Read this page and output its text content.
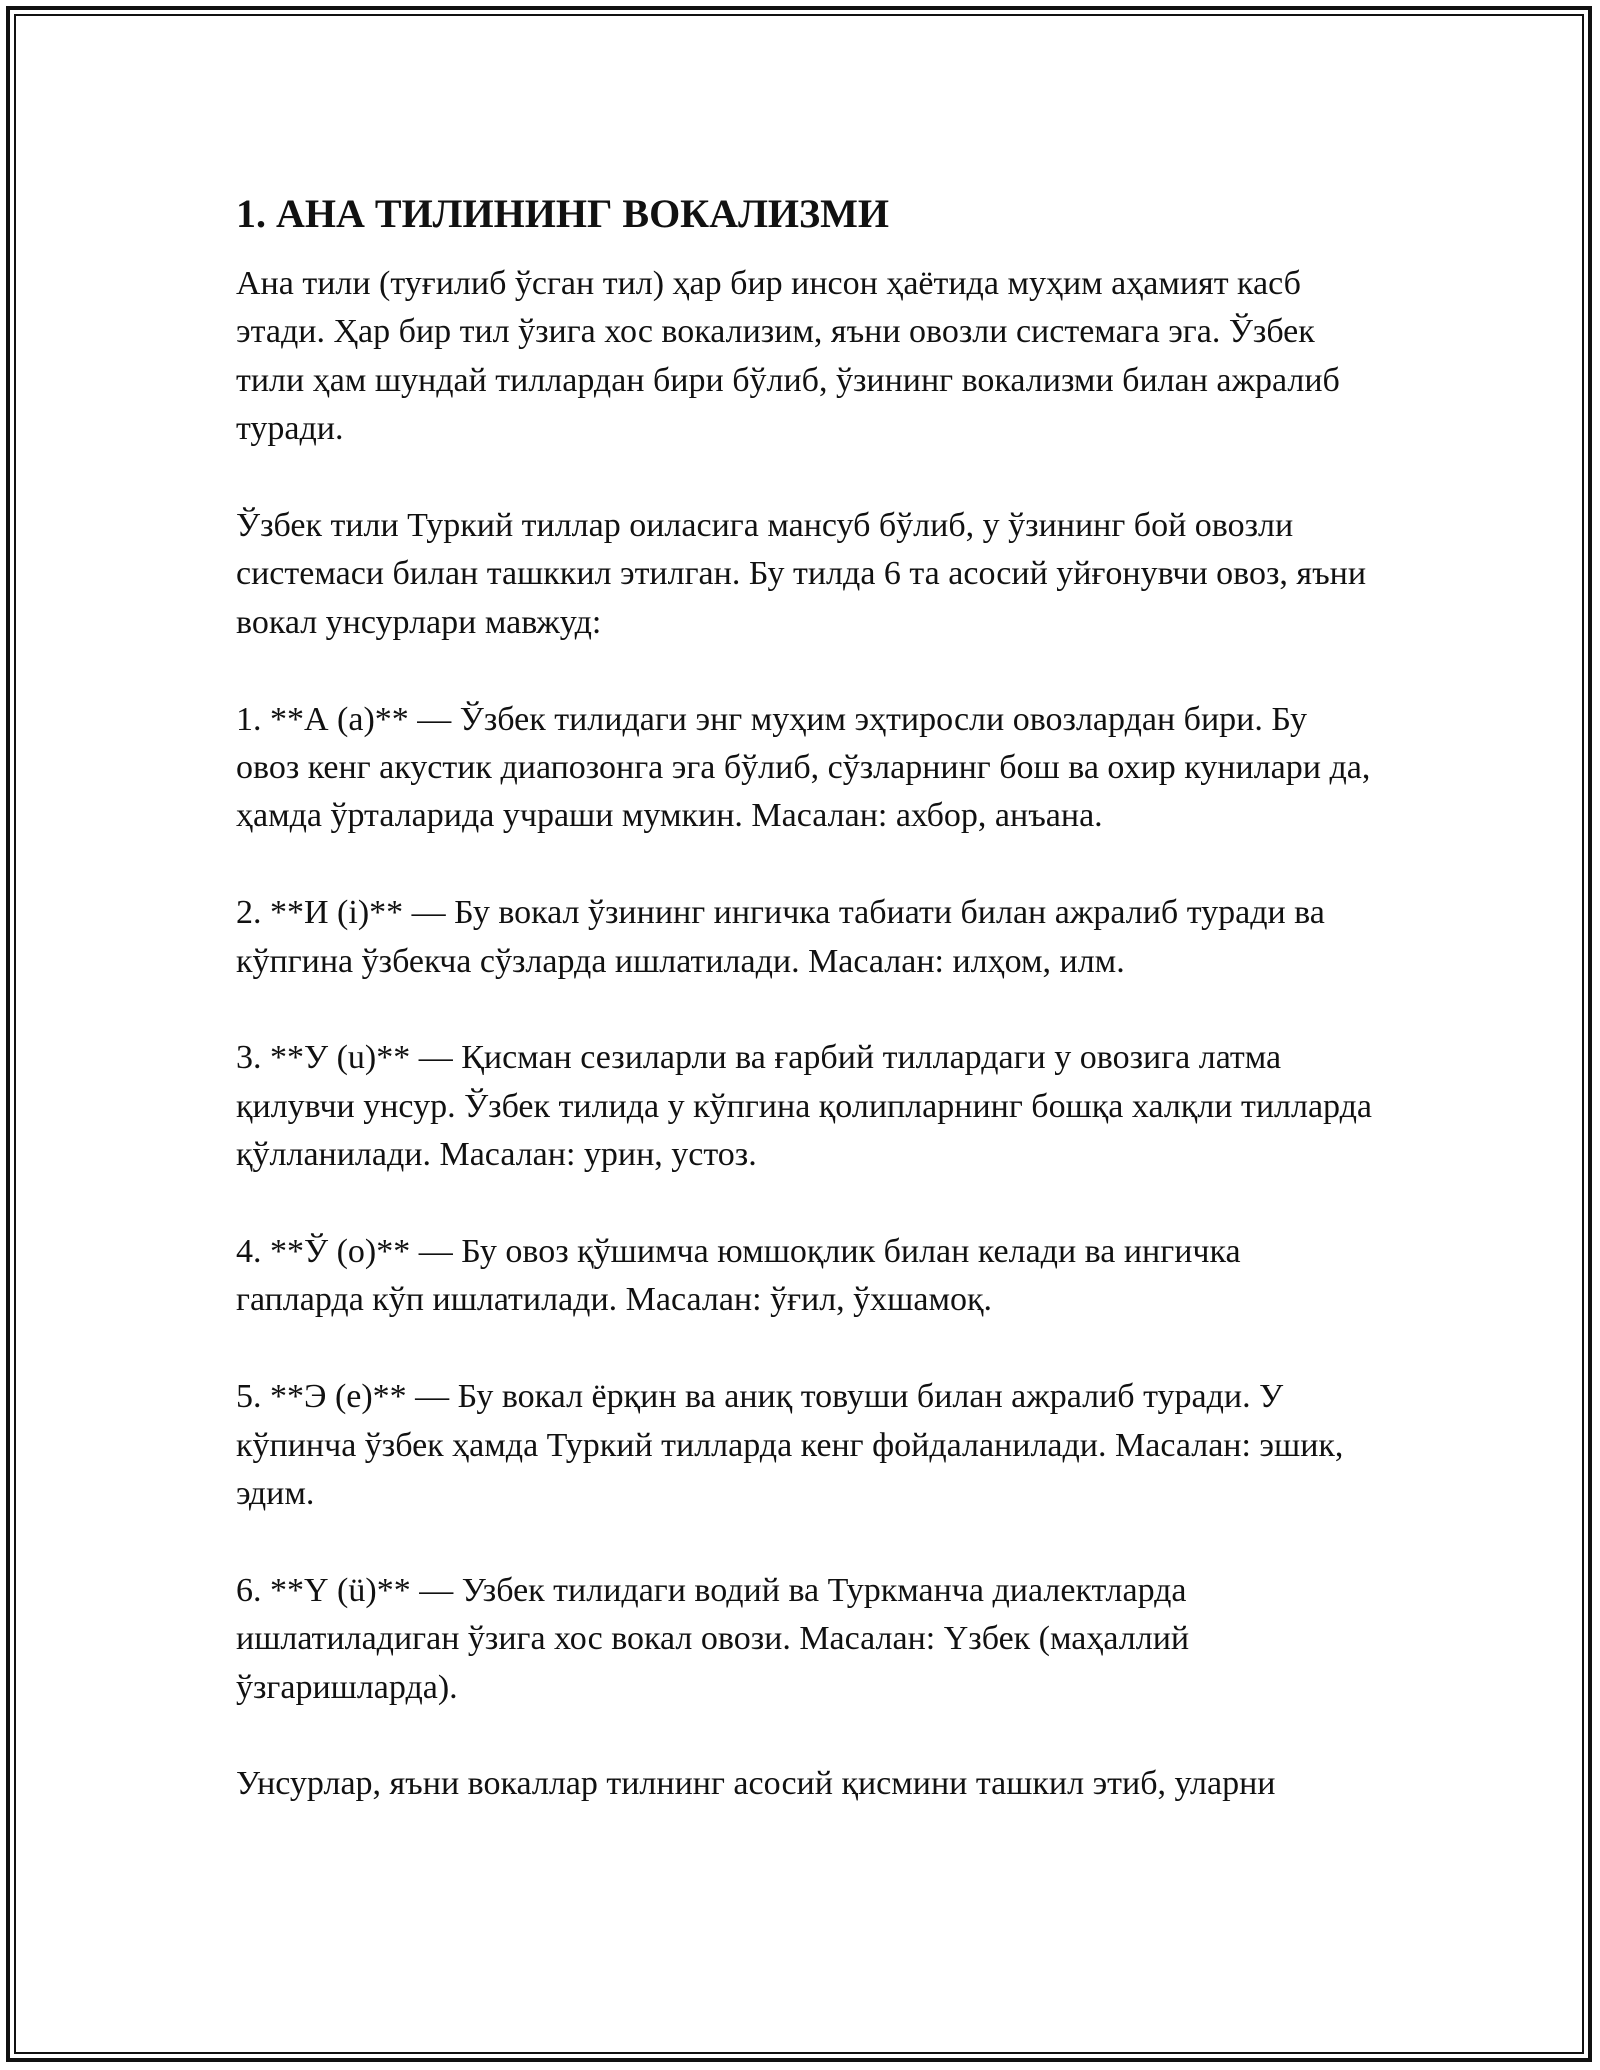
1. АНА ТИЛИНИНГ ВОКАЛИЗМИ

Ана тили (туғилиб ўсган тил) ҳар бир инсон ҳаётида муҳим аҳамият касб этади. Ҳар бир тил ўзига хос вокализим, яъни овозли системага эга. Ўзбек тили ҳам шундай тиллардан бири бўлиб, ўзининг вокализми билан ажралиб туради.

Ўзбек тили Туркий тиллар оиласига мансуб бўлиб, у ўзининг бой овозли системаси билан ташккил этилган. Бу тилда 6 та асосий уйғонувчи овоз, яъни вокал унсурлари мавжуд:

1. **А (а)** — Ўзбек тилидаги энг муҳим эҳтиросли овозлардан бири. Бу овоз кенг акустик диапозонга эга бўлиб, сўзларнинг бош ва охир кунилари да, ҳамда ўрталарида учраши мумкин. Масалан: ахбор, анъана.

2. **И (i)** — Бу вокал ўзининг ингичка табиати билан ажралиб туради ва кўпгина ўзбекча сўзларда ишлатилади. Масалан: илҳом, илм.

3. **У (u)** — Қисман сезиларли ва ғарбий тиллардаги у овозига латма қилувчи унсур. Ўзбек тилида у кўпгина қолипларнинг бошқа халқли тилларда қўлланилади. Масалан: урин, устоз.

4. **Ў (o)** — Бу овоз қўшимча юмшоқлик билан келади ва ингичка гапларда кўп ишлатилади. Масалан: ўғил, ўхшамоқ.

5. **Э (e)** — Бу вокал ёрқин ва аниқ товуши билан ажралиб туради. У кўпинча ўзбек ҳамда Туркий тилларда кенг фойдаланилади. Масалан: эшик, эдим.

6. **Ү (ü)** — Узбек тилидаги водий ва Туркманча диалектларда ишлатиладиган ўзига хос вокал овози. Масалан: Үзбек (маҳаллий ўзгаришларда).

Унсурлар, яъни вокаллар тилнинг асосий қисмини ташкил этиб, уларни
